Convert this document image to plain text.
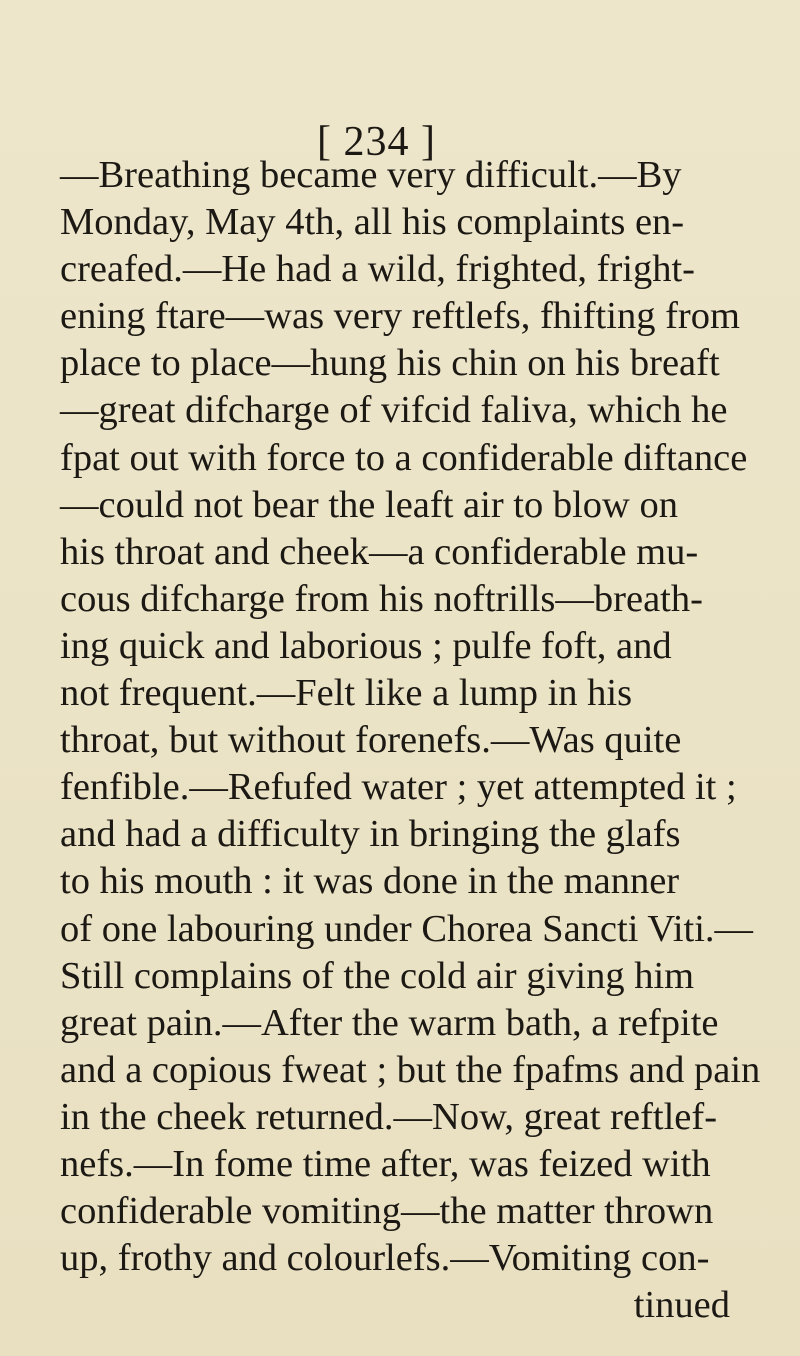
[ 234 ]
—Breathing became very difficult.—By
Monday, May 4th, all his complaints en-
creafed.—He had a wild, frighted, fright-
ening ftare—was very reftlefs, fhifting from
place to place—hung his chin on his breaft
—great difcharge of vifcid faliva, which he
fpat out with force to a confiderable diftance
—could not bear the leaft air to blow on
his throat and cheek—a confiderable mu-
cous difcharge from his noftrills—breath-
ing quick and laborious ; pulfe foft, and
not frequent.—Felt like a lump in his
throat, but without forenefs.—Was quite
fenfible.—Refufed water ; yet attempted it ;
and had a difficulty in bringing the glafs
to his mouth : it was done in the manner
of one labouring under Chorea Sancti Viti.—
Still complains of the cold air giving him
great pain.—After the warm bath, a refpite
and a copious fweat ; but the fpafms and pain
in the cheek returned.—Now, great reftlef-
nefs.—In fome time after, was feized with
confiderable vomiting—the matter thrown
up, frothy and colourlefs.—Vomiting con-
tinued
